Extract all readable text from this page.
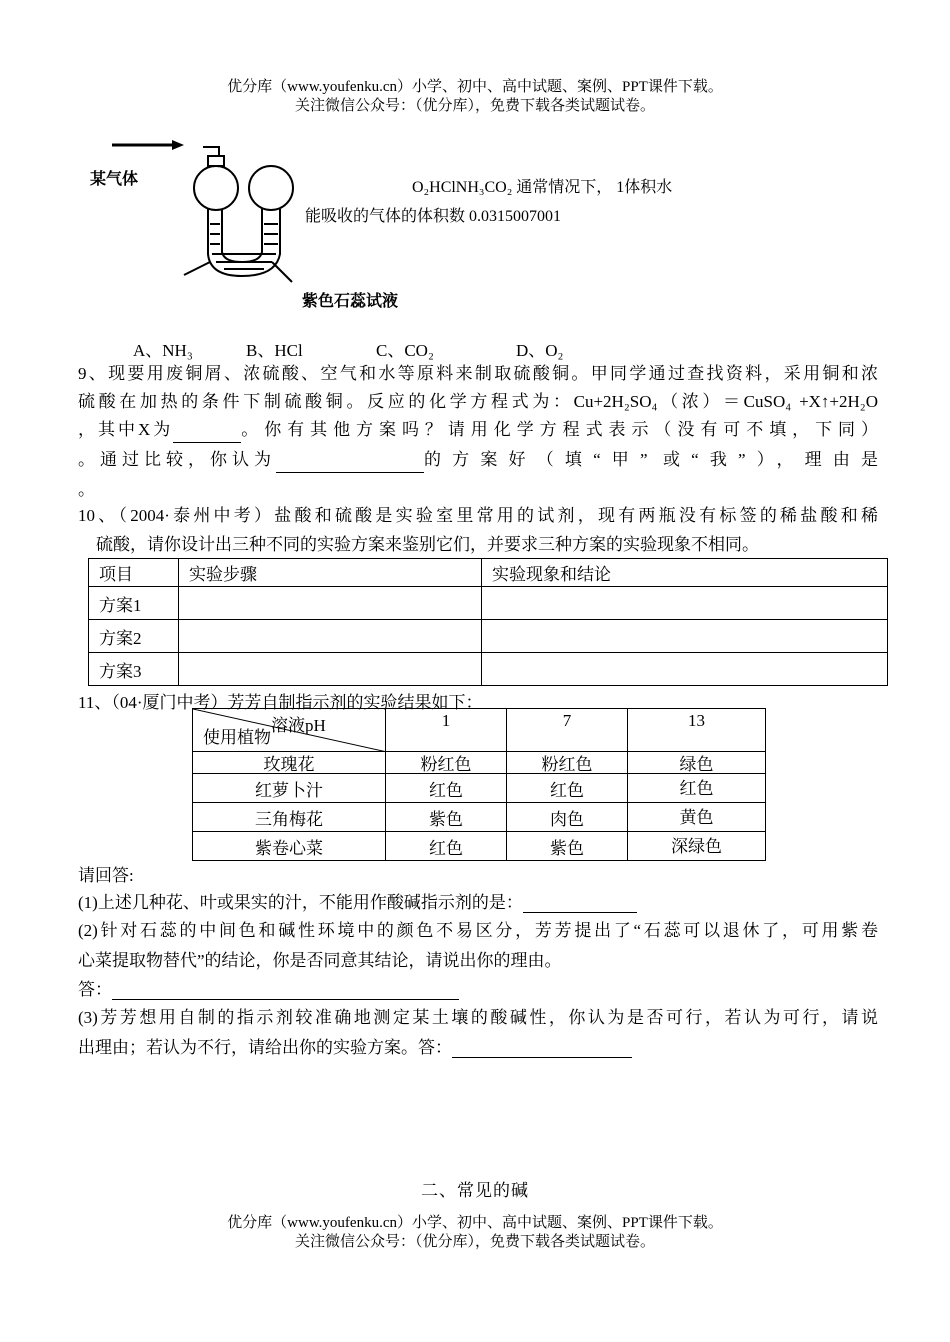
优分库（www.youfenku.cn）小学、初中、高中试题、案例、PPT课件下载。
关注微信公众号：（优分库），免费下载各类试题试卷。
某气体
紫色石蕊试液
O₂HClNH₃CO₂ 通常情况下， 1体积水
能吸收的气体的体积数 0.0315007001
A、NH₃	B、HCl	C、CO₂	D、O₂
9、现要用废铜屑、浓硫酸、空气和水等原料来制取硫酸铜。甲同学通过查找资料，采用铜和浓
硫酸在加热的条件下制硫酸铜。反应的化学方程式为：Cu+2H₂SO₄（浓）＝CuSO₄ +X↑+2H₂O
，其中X为	。你有其他方案吗？请用化学方程式表示（没有可不填，下同）
。通过比较，你认为	的方案好（填“甲” 或“我”），理由是
。
10、（2004·泰州中考）盐酸和硫酸是实验室里常用的试剂，现有两瓶没有标签的稀盐酸和稀
硫酸，请你设计出三种不同的实验方案来鉴别它们，并要求三种方案的实验现象不相同。
项目	实验步骤	实验现象和结论
方案1		
方案2		
方案3		
11、（04·厦门中考）芳芳自制指示剂的实验结果如下：
溶液pH
使用植物	1	7	13
玫瑰花	粉红色	粉红色	绿色
红萝卜汁	红色	红色	红色
三角梅花	紫色	肉色	黄色
紫卷心菜	红色	紫色	深绿色
请回答:
(1)上述几种花、叶或果实的汁，不能用作酸碱指示剂的是：
(2)针对石蕊的中间色和碱性环境中的颜色不易区分，芳芳提出了“石蕊可以退休了，可用紫卷
心菜提取物替代”的结论，你是否同意其结论，请说出你的理由。
答：
(3)芳芳想用自制的指示剂较准确地测定某土壤的酸碱性，你认为是否可行，若认为可行，请说
出理由；若认为不行，请给出你的实验方案。答：
二、常见的碱
优分库（www.youfenku.cn）小学、初中、高中试题、案例、PPT课件下载。
关注微信公众号：（优分库），免费下载各类试题试卷。
